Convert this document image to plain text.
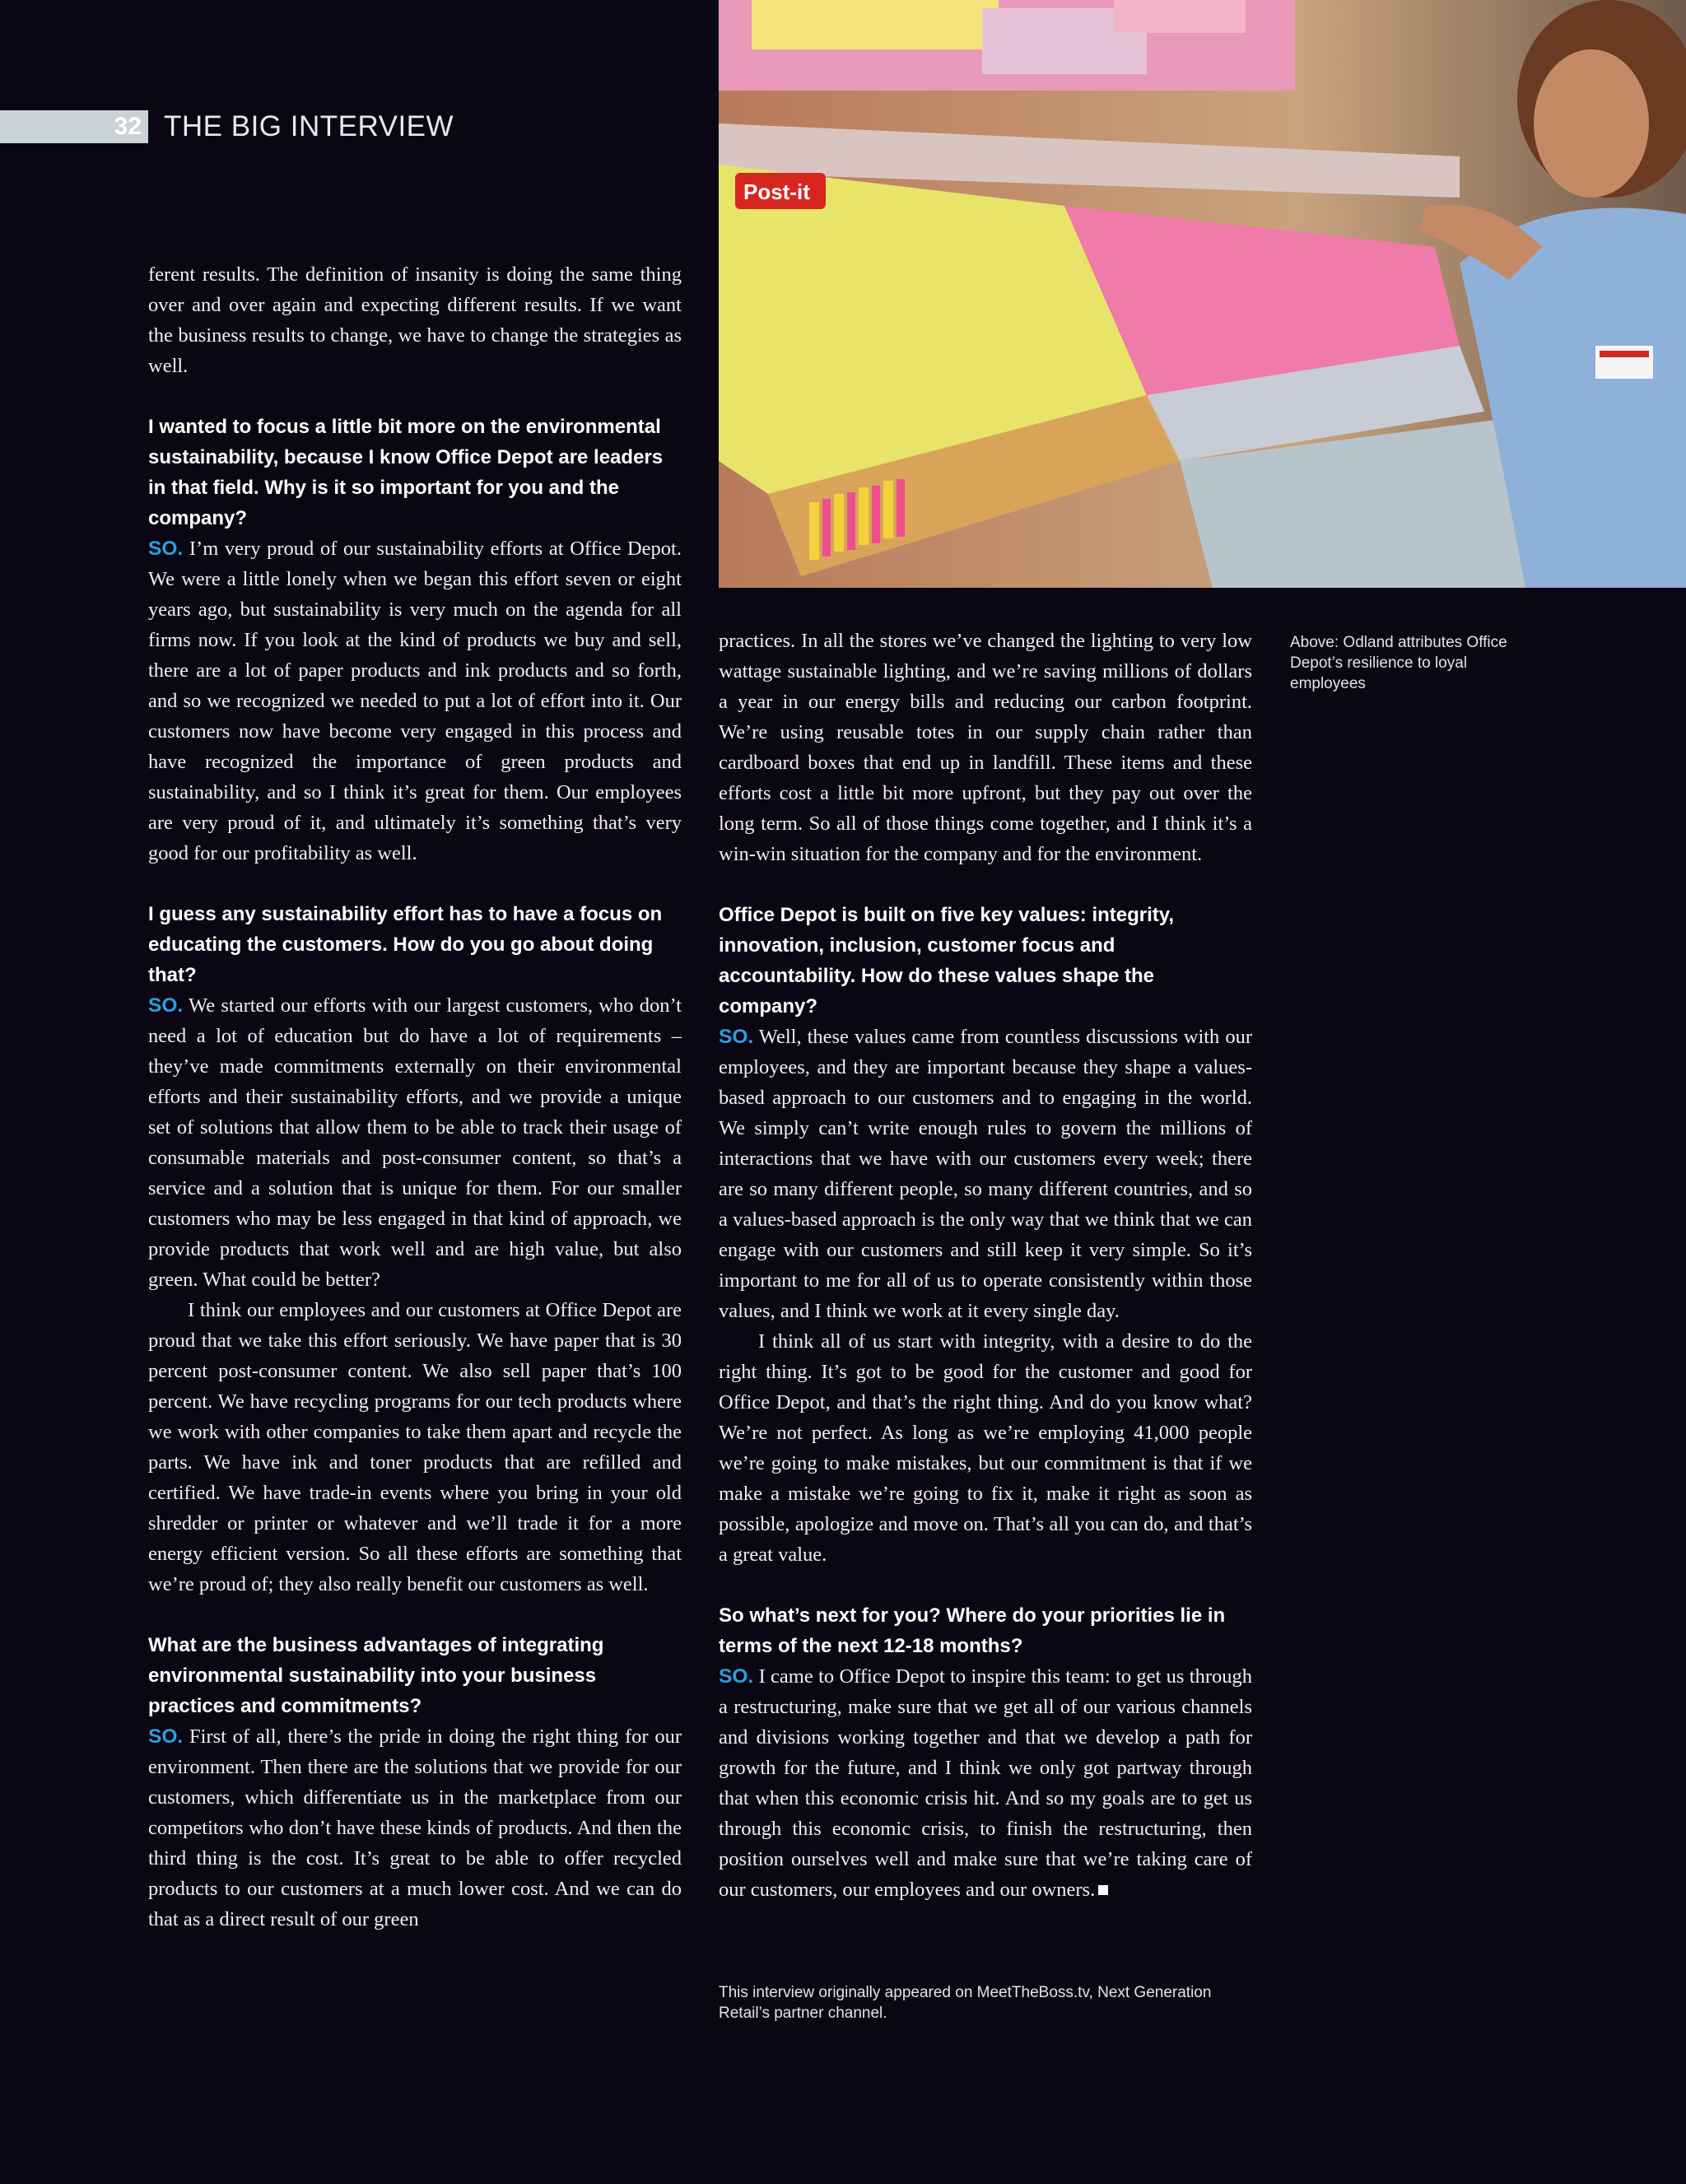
32 THE BIG INTERVIEW
Post-it
Above: Odland attributes Office Depot’s resilience to loyal employees

ferent results. The definition of insanity is doing the same thing over and over again and expecting different results. If we want the business results to change, we have to change the strategies as well.

I wanted to focus a little bit more on the environmental sustainability, because I know Office Depot are leaders in that field. Why is it so important for you and the company?

SO. I’m very proud of our sustainability efforts at Office Depot. We were a little lonely when we began this effort seven or eight years ago, but sustainability is very much on the agenda for all firms now. If you look at the kind of products we buy and sell, there are a lot of paper products and ink products and so forth, and so we recognized we needed to put a lot of effort into it. Our customers now have become very engaged in this process and have recognized the importance of green products and sustainability, and so I think it’s great for them. Our employees are very proud of it, and ultimately it’s something that’s very good for our profitability as well.

I guess any sustainability effort has to have a focus on educating the customers. How do you go about doing that?

SO. We started our efforts with our largest customers, who don’t need a lot of education but do have a lot of requirements – they’ve made commitments externally on their environmental efforts and their sustainability efforts, and we provide a unique set of solutions that allow them to be able to track their usage of consumable materials and post-consumer content, so that’s a service and a solution that is unique for them. For our smaller customers who may be less engaged in that kind of approach, we provide products that work well and are high value, but also green. What could be better?

I think our employees and our customers at Office Depot are proud that we take this effort seriously. We have paper that is 30 percent post-consumer content. We also sell paper that’s 100 percent. We have recycling programs for our tech products where we work with other companies to take them apart and recycle the parts. We have ink and toner products that are refilled and certified. We have trade-in events where you bring in your old shredder or printer or whatever and we’ll trade it for a more energy efficient version. So all these efforts are something that we’re proud of; they also really benefit our customers as well.

What are the business advantages of integrating environmental sustainability into your business practices and commitments?

SO. First of all, there’s the pride in doing the right thing for our environment. Then there are the solutions that we provide for our customers, which differentiate us in the marketplace from our competitors who don’t have these kinds of products. And then the third thing is the cost. It’s great to be able to offer recycled products to our customers at a much lower cost. And we can do that as a direct result of our green

practices. In all the stores we’ve changed the lighting to very low wattage sustainable lighting, and we’re saving millions of dollars a year in our energy bills and reducing our carbon footprint. We’re using reusable totes in our supply chain rather than cardboard boxes that end up in landfill. These items and these efforts cost a little bit more upfront, but they pay out over the long term. So all of those things come together, and I think it’s a win-win situation for the company and for the environment.

Office Depot is built on five key values: integrity, innovation, inclusion, customer focus and accountability. How do these values shape the company?

SO. Well, these values came from countless discussions with our employees, and they are important because they shape a values-based approach to our customers and to engaging in the world. We simply can’t write enough rules to govern the millions of interactions that we have with our customers every week; there are so many different people, so many different countries, and so a values-based approach is the only way that we think that we can engage with our customers and still keep it very simple. So it’s important to me for all of us to operate consistently within those values, and I think we work at it every single day.

I think all of us start with integrity, with a desire to do the right thing. It’s got to be good for the customer and good for Office Depot, and that’s the right thing. And do you know what? We’re not perfect. As long as we’re employing 41,000 people we’re going to make mistakes, but our commitment is that if we make a mistake we’re going to fix it, make it right as soon as possible, apologize and move on. That’s all you can do, and that’s a great value.

So what’s next for you? Where do your priorities lie in terms of the next 12-18 months?

SO. I came to Office Depot to inspire this team: to get us through a restructuring, make sure that we get all of our various channels and divisions working together and that we develop a path for growth for the future, and I think we only got partway through that when this economic crisis hit. And so my goals are to get us through this economic crisis, to finish the restructuring, then position ourselves well and make sure that we’re taking care of our customers, our employees and our owners.

This interview originally appeared on MeetTheBoss.tv, Next Generation Retail’s partner channel.
